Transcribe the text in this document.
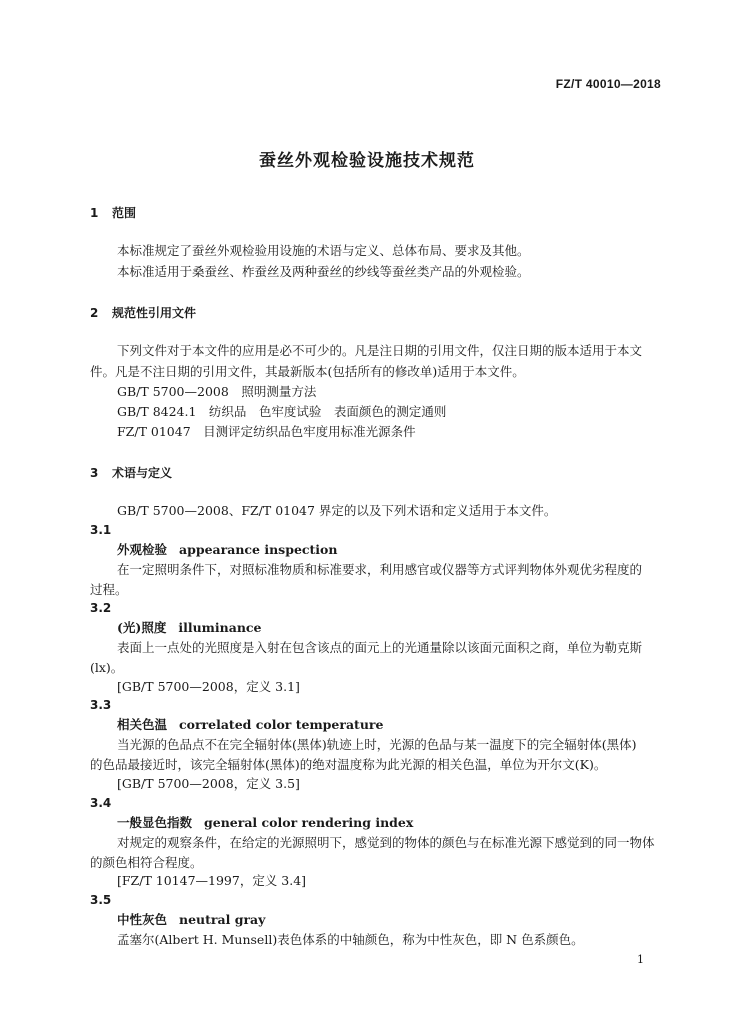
FZ/T 40010—2018
蚕丝外观检验设施技术规范
1 范围
本标准规定了蚕丝外观检验用设施的术语与定义、总体布局、要求及其他。
本标准适用于桑蚕丝、柞蚕丝及两种蚕丝的纱线等蚕丝类产品的外观检验。
2 规范性引用文件
下列文件对于本文件的应用是必不可少的。凡是注日期的引用文件，仅注日期的版本适用于本文
件。凡是不注日期的引用文件，其最新版本(包括所有的修改单)适用于本文件。
GB/T 5700—2008　照明测量方法
GB/T 8424.1　纺织品　色牢度试验　表面颜色的测定通则
FZ/T 01047　目测评定纺织品色牢度用标准光源条件
3 术语与定义
GB/T 5700—2008、FZ/T 01047 界定的以及下列术语和定义适用于本文件。
3.1
外观检验 appearance inspection
在一定照明条件下，对照标准物质和标准要求，利用感官或仪器等方式评判物体外观优劣程度的
过程。
3.2
(光)照度 illuminance
表面上一点处的光照度是入射在包含该点的面元上的光通量除以该面元面积之商，单位为勒克斯
(lx)。
[GB/T 5700—2008，定义 3.1]
3.3
相关色温 correlated color temperature
当光源的色品点不在完全辐射体(黑体)轨迹上时，光源的色品与某一温度下的完全辐射体(黑体)
的色品最接近时，该完全辐射体(黑体)的绝对温度称为此光源的相关色温，单位为开尔文(K)。
[GB/T 5700—2008，定义 3.5]
3.4
一般显色指数 general color rendering index
对规定的观察条件，在给定的光源照明下，感觉到的物体的颜色与在标准光源下感觉到的同一物体
的颜色相符合程度。
[FZ/T 10147—1997，定义 3.4]
3.5
中性灰色 neutral gray
孟塞尔(Albert H. Munsell)表色体系的中轴颜色，称为中性灰色，即 N 色系颜色。
1
